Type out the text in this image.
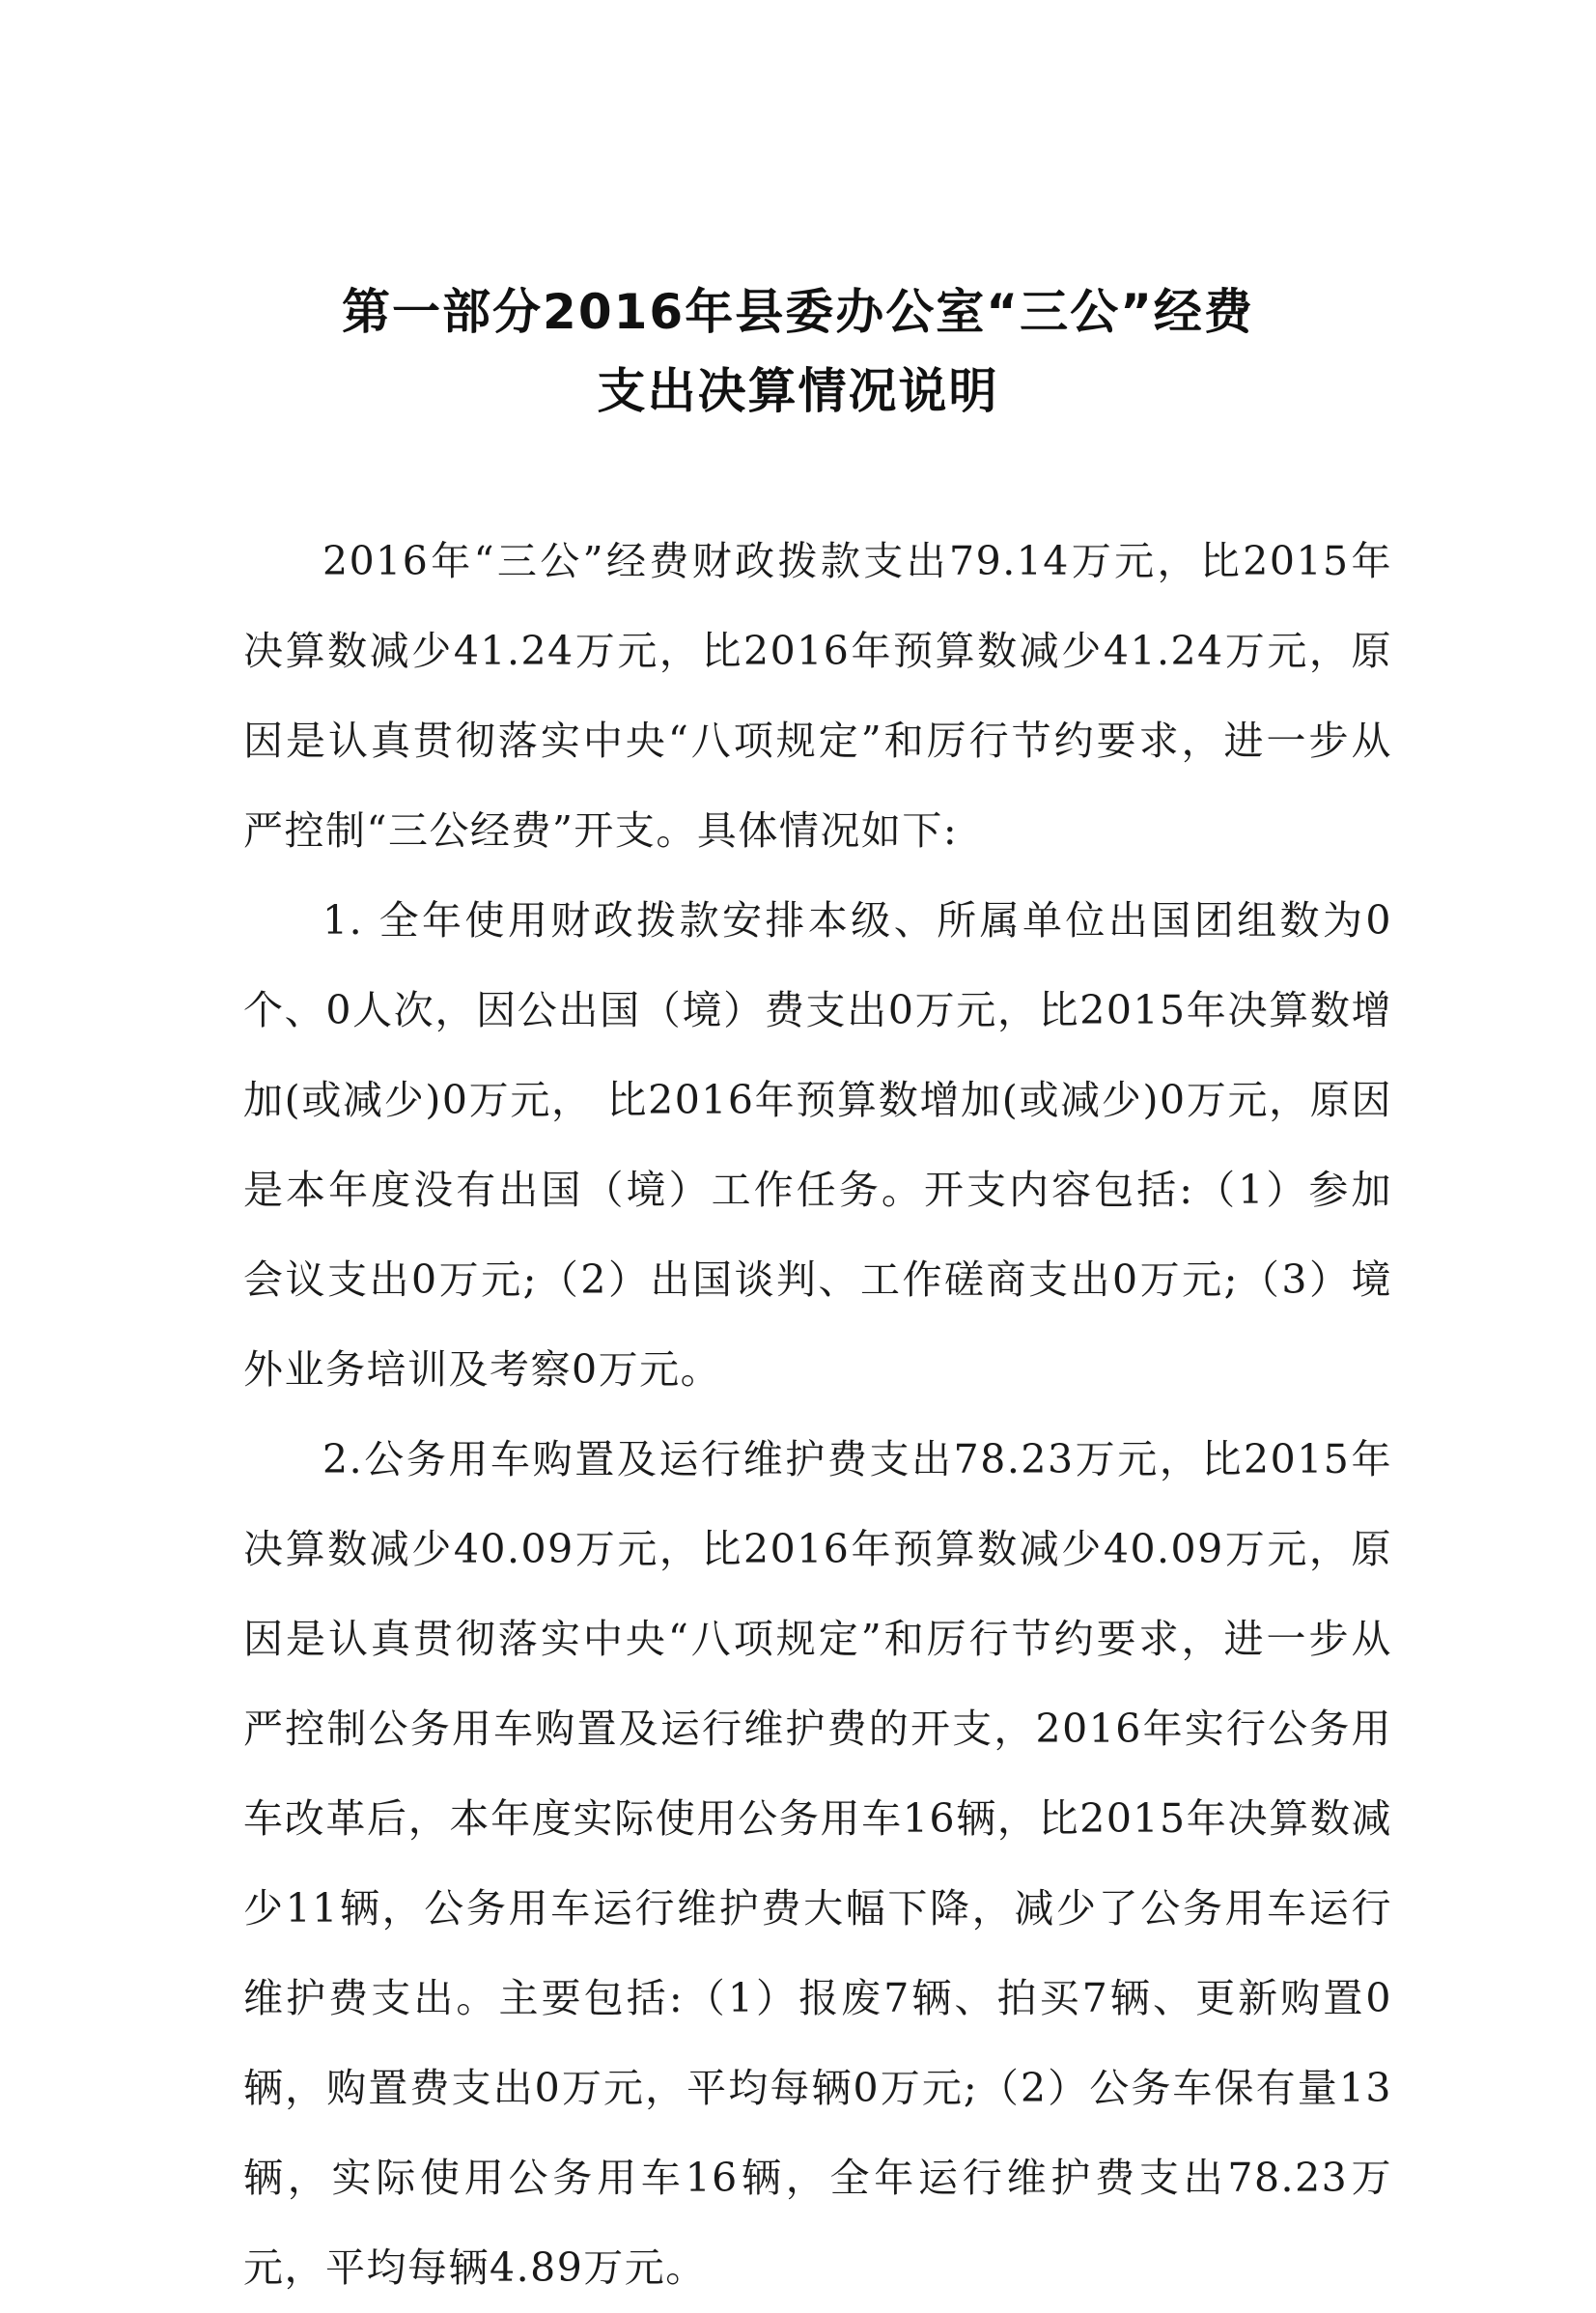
第一部分2016年县委办公室“三公”经费
支出决算情况说明

2016年“三公”经费财政拨款支出79.14万元，比2015年决算数减少41.24万元，比2016年预算数减少41.24万元，原因是认真贯彻落实中央“八项规定”和厉行节约要求，进一步从严控制“三公经费”开支。具体情况如下:

1. 全年使用财政拨款安排本级、所属单位出国团组数为0个、0人次，因公出国（境）费支出0万元，比2015年决算数增加(或减少)0万元， 比2016年预算数增加(或减少)0万元，原因是本年度没有出国（境）工作任务。开支内容包括:（1）参加会议支出0万元;（2）出国谈判、工作磋商支出0万元;（3）境外业务培训及考察0万元。

2.公务用车购置及运行维护费支出78.23万元，比2015年决算数减少40.09万元，比2016年预算数减少40.09万元，原因是认真贯彻落实中央“八项规定”和厉行节约要求，进一步从严控制公务用车购置及运行维护费的开支，2016年实行公务用车改革后，本年度实际使用公务用车16辆，比2015年决算数减少11辆，公务用车运行维护费大幅下降，减少了公务用车运行维护费支出。主要包括:（1）报废7辆、拍买7辆、更新购置0辆，购置费支出0万元，平均每辆0万元;（2）公务车保有量13辆，实际使用公务用车16辆，全年运行维护费支出78.23万元，平均每辆4.89万元。
